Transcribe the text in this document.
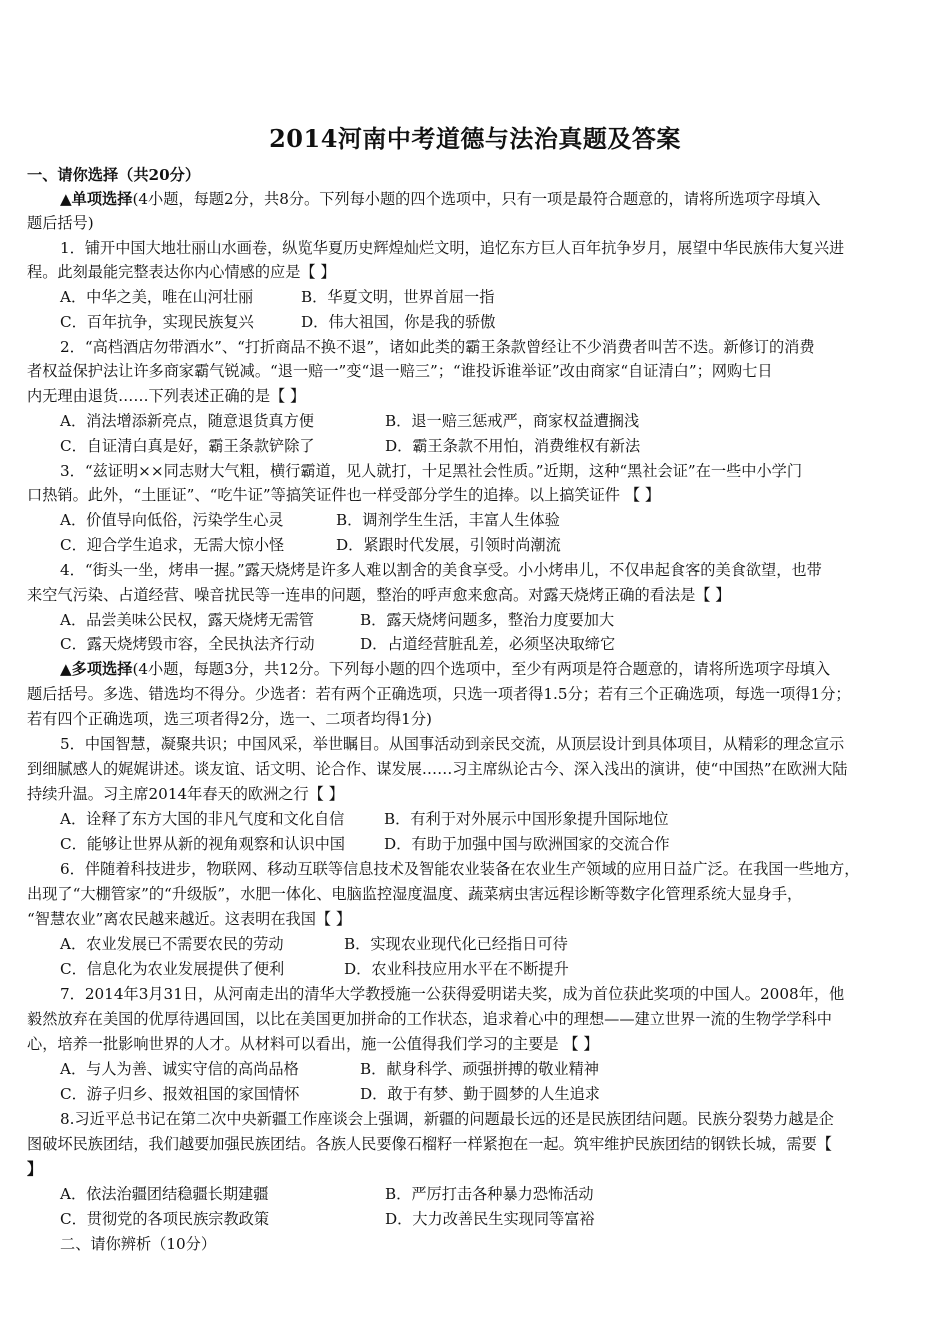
2014河南中考道德与法治真题及答案
一、请你选择（共20分）
▲单项选择(4小题，每题2分，共8分。下列每小题的四个选项中，只有一项是最符合题意的，请将所选项字母填入
题后括号)
1．铺开中国大地壮丽山水画卷，纵览华夏历史辉煌灿烂文明，追忆东方巨人百年抗争岁月，展望中华民族伟大复兴进
程。此刻最能完整表达你内心情感的应是【 】
A．中华之美，唯在山河壮丽	B．华夏文明，世界首屈一指
C．百年抗争，实现民族复兴	D．伟大祖国，你是我的骄傲
2．“高档酒店勿带酒水”、“打折商品不换不退”，诸如此类的霸王条款曾经让不少消费者叫苦不迭。新修订的消费
者权益保护法让许多商家霸气锐减。“退一赔一”变“退一赔三”；“谁投诉谁举证”改由商家“自证清白”；网购七日
内无理由退货……下列表述正确的是【 】
A．消法增添新亮点，随意退货真方便	B．退一赔三惩戒严，商家权益遭搁浅
C．自证清白真是好，霸王条款铲除了	D．霸王条款不用怕，消费维权有新法
3．“兹证明××同志财大气粗，横行霸道，见人就打，十足黑社会性质。”近期，这种“黑社会证”在一些中小学门
口热销。此外，“土匪证”、“吃牛证”等搞笑证件也一样受部分学生的追捧。以上搞笑证件 【 】
A．价值导向低俗，污染学生心灵	B．调剂学生生活，丰富人生体验
C．迎合学生追求，无需大惊小怪	D．紧跟时代发展，引领时尚潮流
4．“街头一坐，烤串一握。”露天烧烤是许多人难以割舍的美食享受。小小烤串儿，不仅串起食客的美食欲望，也带
来空气污染、占道经营、噪音扰民等一连串的问题，整治的呼声愈来愈高。对露天烧烤正确的看法是【 】
A．品尝美味公民权，露天烧烤无需管	B．露天烧烤问题多，整治力度要加大
C．露天烧烤毁市容，全民执法齐行动	D．占道经营脏乱差，必须坚决取缔它
▲多项选择(4小题，每题3分，共12分。下列每小题的四个选项中，至少有两项是符合题意的，请将所选项字母填入
题后括号。多选、错选均不得分。少选者：若有两个正确选项，只选一项者得1.5分；若有三个正确选项，每选一项得1分；
若有四个正确选项，选三项者得2分，选一、二项者均得1分)
5．中国智慧，凝聚共识；中国风采，举世瞩目。从国事活动到亲民交流，从顶层设计到具体项目，从精彩的理念宣示
到细腻感人的娓娓讲述。谈友谊、话文明、论合作、谋发展……习主席纵论古今、深入浅出的演讲，使“中国热”在欧洲大陆
持续升温。习主席2014年春天的欧洲之行【 】
A．诠释了东方大国的非凡气度和文化自信	B．有利于对外展示中国形象提升国际地位
C．能够让世界从新的视角观察和认识中国	D．有助于加强中国与欧洲国家的交流合作
6．伴随着科技进步，物联网、移动互联等信息技术及智能农业装备在农业生产领域的应用日益广泛。在我国一些地方，
出现了“大棚管家”的“升级版”，水肥一体化、电脑监控湿度温度、蔬菜病虫害远程诊断等数字化管理系统大显身手，
“智慧农业”离农民越来越近。这表明在我国【 】
A．农业发展已不需要农民的劳动	B．实现农业现代化已经指日可待
C．信息化为农业发展提供了便利	D．农业科技应用水平在不断提升
7．2014年3月31日，从河南走出的清华大学教授施一公获得爱明诺夫奖，成为首位获此奖项的中国人。2008年，他
毅然放弃在美国的优厚待遇回国，以比在美国更加拼命的工作状态，追求着心中的理想——建立世界一流的生物学学科中
心，培养一批影响世界的人才。从材料可以看出，施一公值得我们学习的主要是 【 】
A．与人为善、诚实守信的高尚品格	B．献身科学、顽强拼搏的敬业精神
C．游子归乡、报效祖国的家国情怀	D．敢于有梦、勤于圆梦的人生追求
8.习近平总书记在第二次中央新疆工作座谈会上强调，新疆的问题最长远的还是民族团结问题。民族分裂势力越是企
图破坏民族团结，我们越要加强民族团结。各族人民要像石榴籽一样紧抱在一起。筑牢维护民族团结的钢铁长城，需要【
】
A．依法治疆团结稳疆长期建疆	B．严厉打击各种暴力恐怖活动
C．贯彻党的各项民族宗教政策	D．大力改善民生实现同等富裕
二、请你辨析（10分）
